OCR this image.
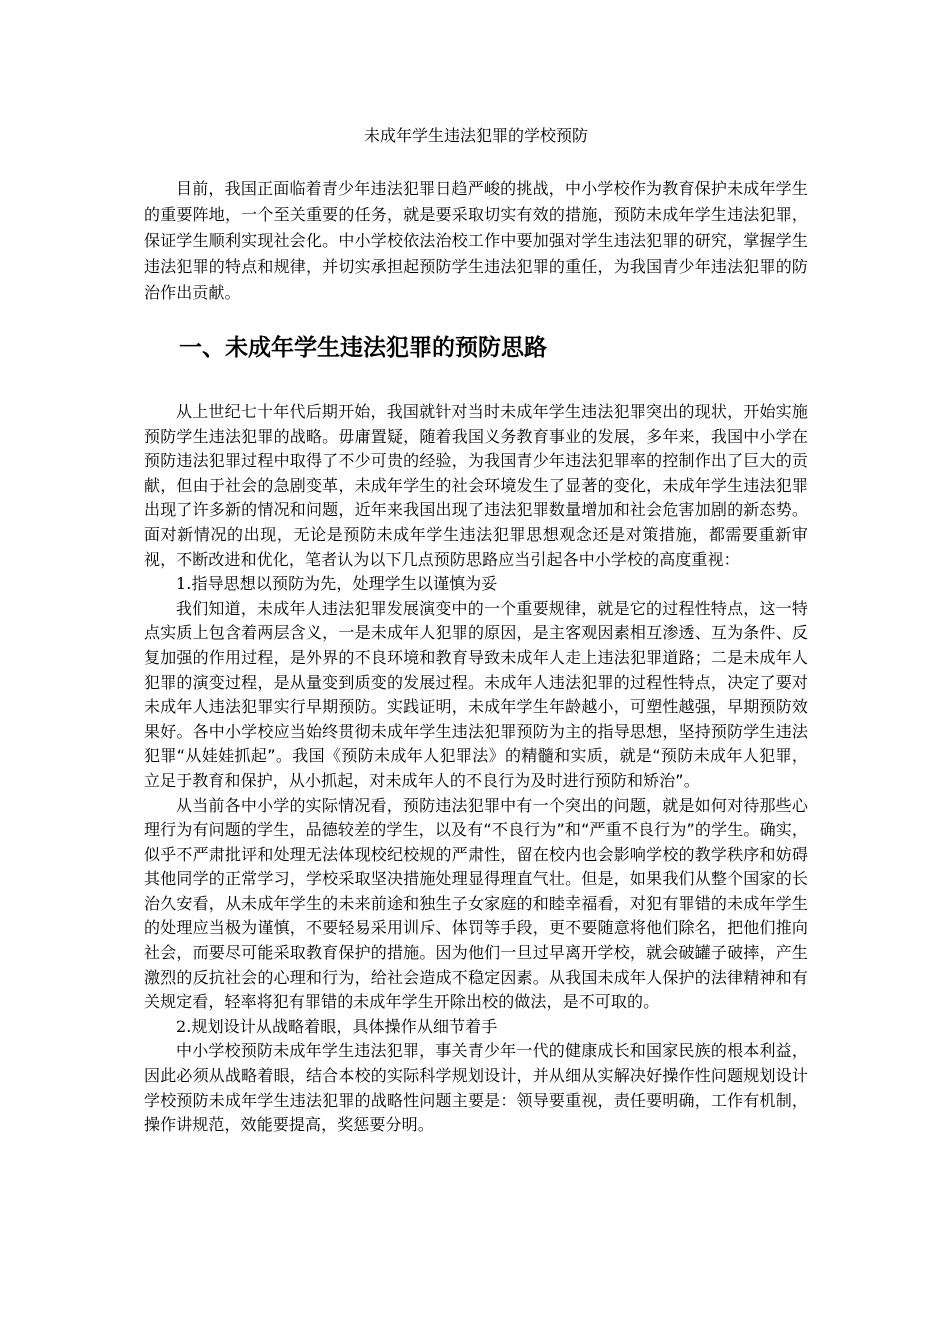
未成年学生违法犯罪的学校预防

目前，我国正面临着青少年违法犯罪日趋严峻的挑战，中小学校作为教育保护未成年学生的重要阵地，一个至关重要的任务，就是要采取切实有效的措施，预防未成年学生违法犯罪，保证学生顺利实现社会化。中小学校依法治校工作中要加强对学生违法犯罪的研究，掌握学生违法犯罪的特点和规律，并切实承担起预防学生违法犯罪的重任，为我国青少年违法犯罪的防治作出贡献。

一、未成年学生违法犯罪的预防思路

从上世纪七十年代后期开始，我国就针对当时未成年学生违法犯罪突出的现状，开始实施预防学生违法犯罪的战略。毋庸置疑，随着我国义务教育事业的发展，多年来，我国中小学在预防违法犯罪过程中取得了不少可贵的经验，为我国青少年违法犯罪率的控制作出了巨大的贡献，但由于社会的急剧变革，未成年学生的社会环境发生了显著的变化，未成年学生违法犯罪出现了许多新的情况和问题，近年来我国出现了违法犯罪数量增加和社会危害加剧的新态势。面对新情况的出现，无论是预防未成年学生违法犯罪思想观念还是对策措施，都需要重新审视，不断改进和优化，笔者认为以下几点预防思路应当引起各中小学校的高度重视：

1.指导思想以预防为先，处理学生以谨慎为妥

我们知道，未成年人违法犯罪发展演变中的一个重要规律，就是它的过程性特点，这一特点实质上包含着两层含义，一是未成年人犯罪的原因，是主客观因素相互渗透、互为条件、反复加强的作用过程，是外界的不良环境和教育导致未成年人走上违法犯罪道路；二是未成年人犯罪的演变过程，是从量变到质变的发展过程。未成年人违法犯罪的过程性特点，决定了要对未成年人违法犯罪实行早期预防。实践证明，未成年学生年龄越小，可塑性越强，早期预防效果好。各中小学校应当始终贯彻未成年学生违法犯罪预防为主的指导思想，坚持预防学生违法犯罪“从娃娃抓起”。我国《预防未成年人犯罪法》的精髓和实质，就是“预防未成年人犯罪，立足于教育和保护，从小抓起，对未成年人的不良行为及时进行预防和矫治”。

从当前各中小学的实际情况看，预防违法犯罪中有一个突出的问题，就是如何对待那些心理行为有问题的学生，品德较差的学生，以及有“不良行为”和“严重不良行为”的学生。确实，似乎不严肃批评和处理无法体现校纪校规的严肃性，留在校内也会影响学校的教学秩序和妨碍其他同学的正常学习，学校采取坚决措施处理显得理直气壮。但是，如果我们从整个国家的长治久安看，从未成年学生的未来前途和独生子女家庭的和睦幸福看，对犯有罪错的未成年学生的处理应当极为谨慎，不要轻易采用训斥、体罚等手段，更不要随意将他们除名，把他们推向社会，而要尽可能采取教育保护的措施。因为他们一旦过早离开学校，就会破罐子破摔，产生激烈的反抗社会的心理和行为，给社会造成不稳定因素。从我国未成年人保护的法律精神和有关规定看，轻率将犯有罪错的未成年学生开除出校的做法，是不可取的。

2.规划设计从战略着眼，具体操作从细节着手

中小学校预防未成年学生违法犯罪，事关青少年一代的健康成长和国家民族的根本利益，因此必须从战略着眼，结合本校的实际科学规划设计，并从细从实解决好操作性问题规划设计学校预防未成年学生违法犯罪的战略性问题主要是：领导要重视，责任要明确，工作有机制，操作讲规范，效能要提高，奖惩要分明。
